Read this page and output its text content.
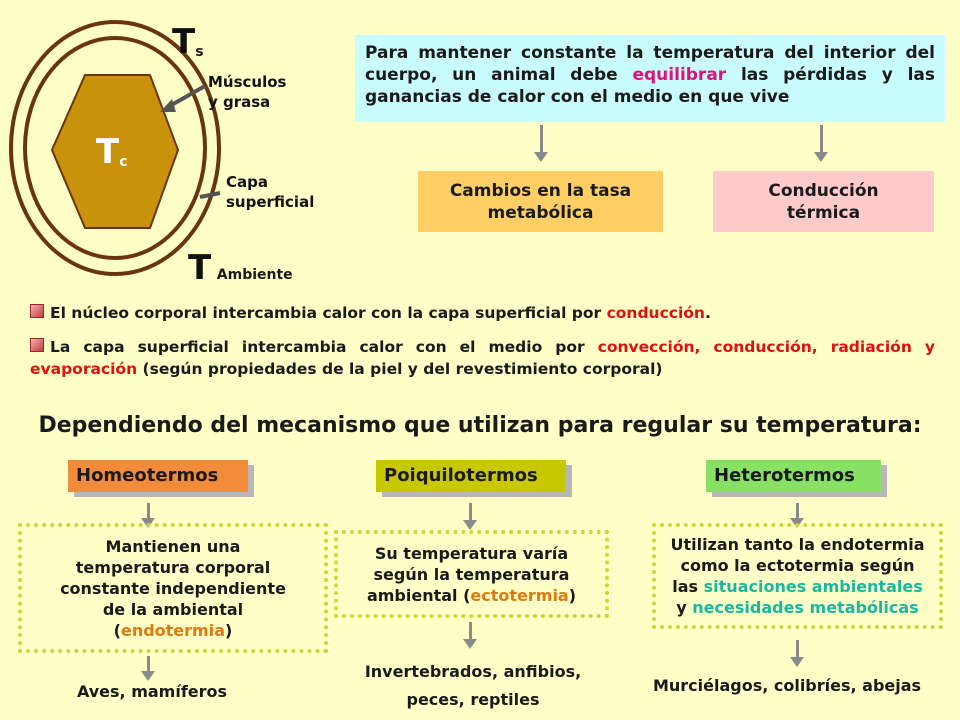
Ts
Tc
T Ambiente
Músculos
y grasa
Capa
superficial
Para mantener constante la temperatura del interior del cuerpo, un animal debe equilibrar las pérdidas y las ganancias de calor con el medio en que vive
Cambios en la tasa
metabólica
Conducción
térmica
El núcleo corporal intercambia calor con la capa superficial por conducción.
La capa superficial intercambia calor con el medio por convección, conducción, radiación y evaporación (según propiedades de la piel y del revestimiento corporal)
Dependiendo del mecanismo que utilizan para regular su temperatura:
Homeotermos	Poiquilotermos	Heterotermos
Mantienen una
temperatura corporal
constante independiente
de la ambiental
(endotermia)
Su temperatura varía
según la temperatura
ambiental (ectotermia)
Utilizan tanto la endotermia
como la ectotermia según
las situaciones ambientales
y necesidades metabólicas
Aves, mamíferos
Invertebrados, anfibios,
peces, reptiles
Murciélagos, colibríes, abejas
